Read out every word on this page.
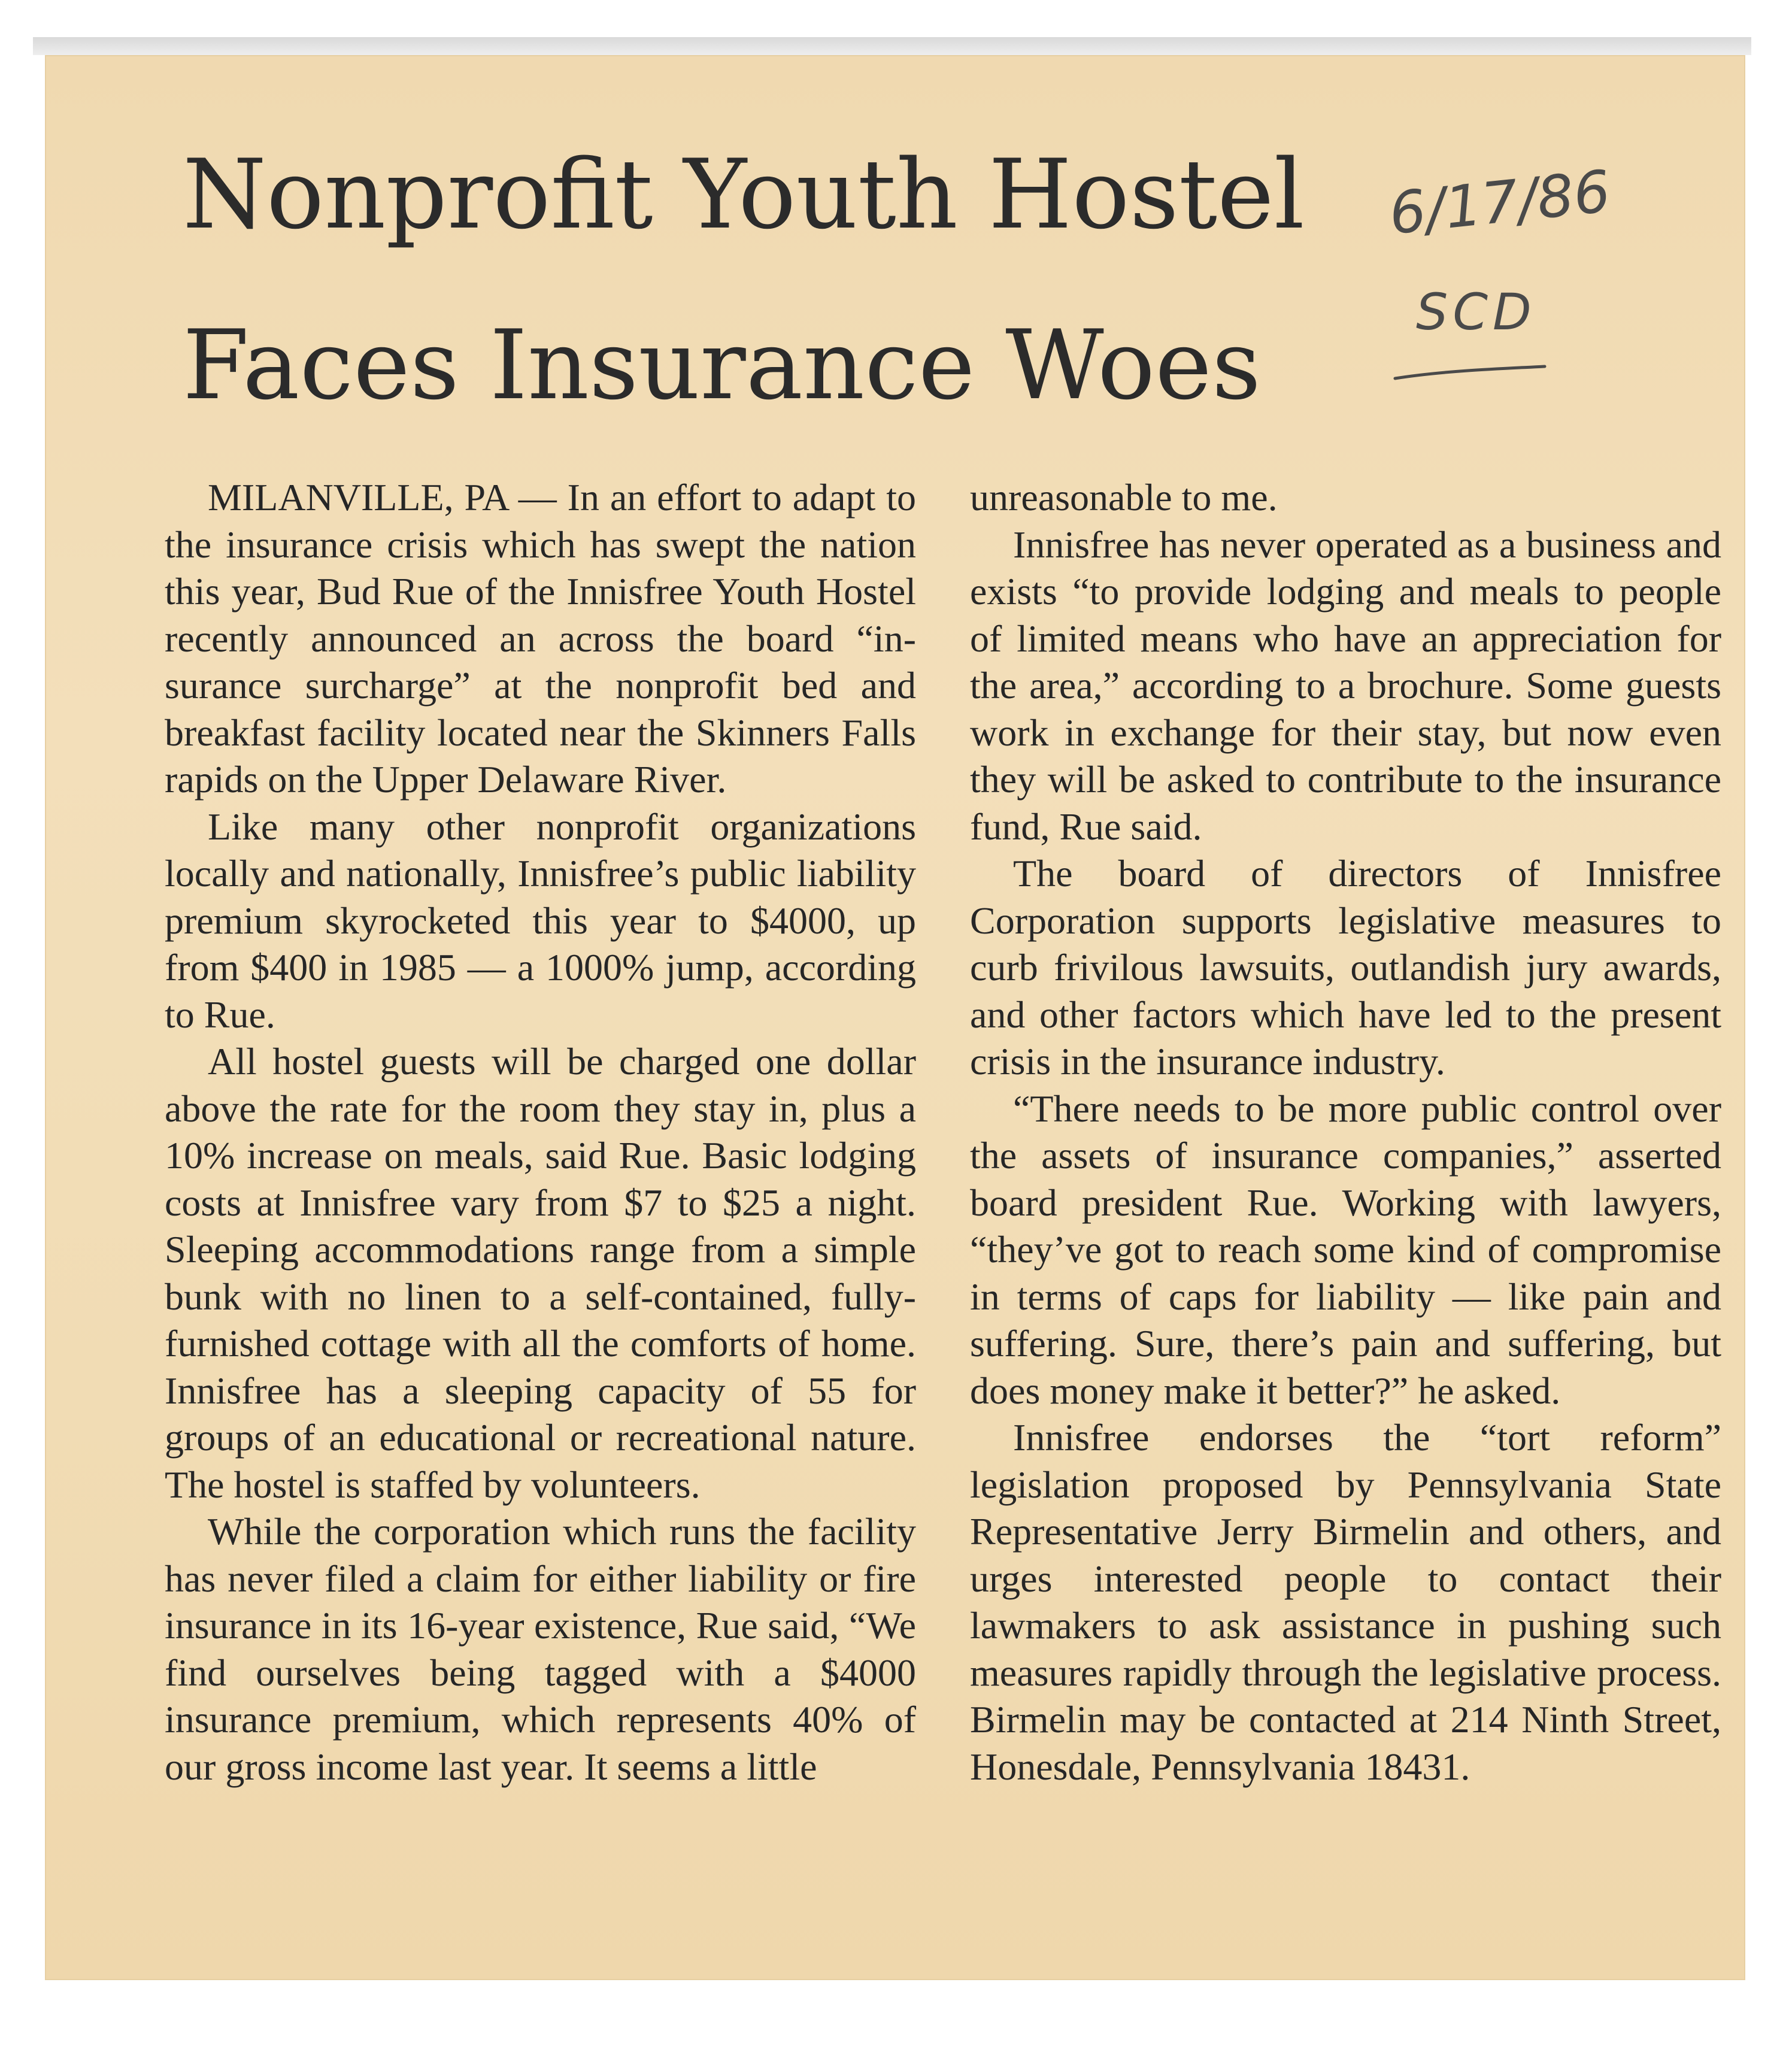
Nonprofit Youth Hostel
Faces Insurance Woes
6/17/86
SCD

MILANVILLE, PA — In an effort to adapt to the insurance crisis which has swept the nation this year, Bud Rue of the Innisfree Youth Hostel recently announced an across the board “insurance surcharge” at the nonprofit bed and breakfast facility located near the Skinners Falls rapids on the Upper Delaware River.

Like many other nonprofit organizations locally and nationally, Innisfree’s public liability premium skyrocketed this year to $4000, up from $400 in 1985 — a 1000% jump, according to Rue.

All hostel guests will be charged one dollar above the rate for the room they stay in, plus a 10% increase on meals, said Rue. Basic lodging costs at Innisfree vary from $7 to $25 a night. Sleeping accommodations range from a simple bunk with no linen to a self-contained, fully-furnished cottage with all the comforts of home. Innisfree has a sleeping capacity of 55 for groups of an educational or recreational nature. The hostel is staffed by volunteers.

While the corporation which runs the facility has never filed a claim for either liability or fire insurance in its 16-year existence, Rue said, “We find ourselves being tagged with a $4000 insurance premium, which represents 40% of our gross income last year. It seems a little

unreasonable to me.

Innisfree has never operated as a business and exists “to provide lodging and meals to people of limited means who have an appreciation for the area,” according to a brochure. Some guests work in exchange for their stay, but now even they will be asked to contribute to the insurance fund, Rue said.

The board of directors of Innisfree Corporation supports legislative measures to curb frivilous lawsuits, outlandish jury awards, and other factors which have led to the present crisis in the insurance industry.

“There needs to be more public control over the assets of insurance companies,” asserted board president Rue. Working with lawyers, “they’ve got to reach some kind of compromise in terms of caps for liability — like pain and suffering. Sure, there’s pain and suffering, but does money make it better?” he asked.

Innisfree endorses the “tort reform” legislation proposed by Pennsylvania State Representative Jerry Birmelin and others, and urges interested people to contact their lawmakers to ask assistance in pushing such measures rapidly through the legislative process. Birmelin may be contacted at 214 Ninth Street, Honesdale, Pennsylvania 18431.
